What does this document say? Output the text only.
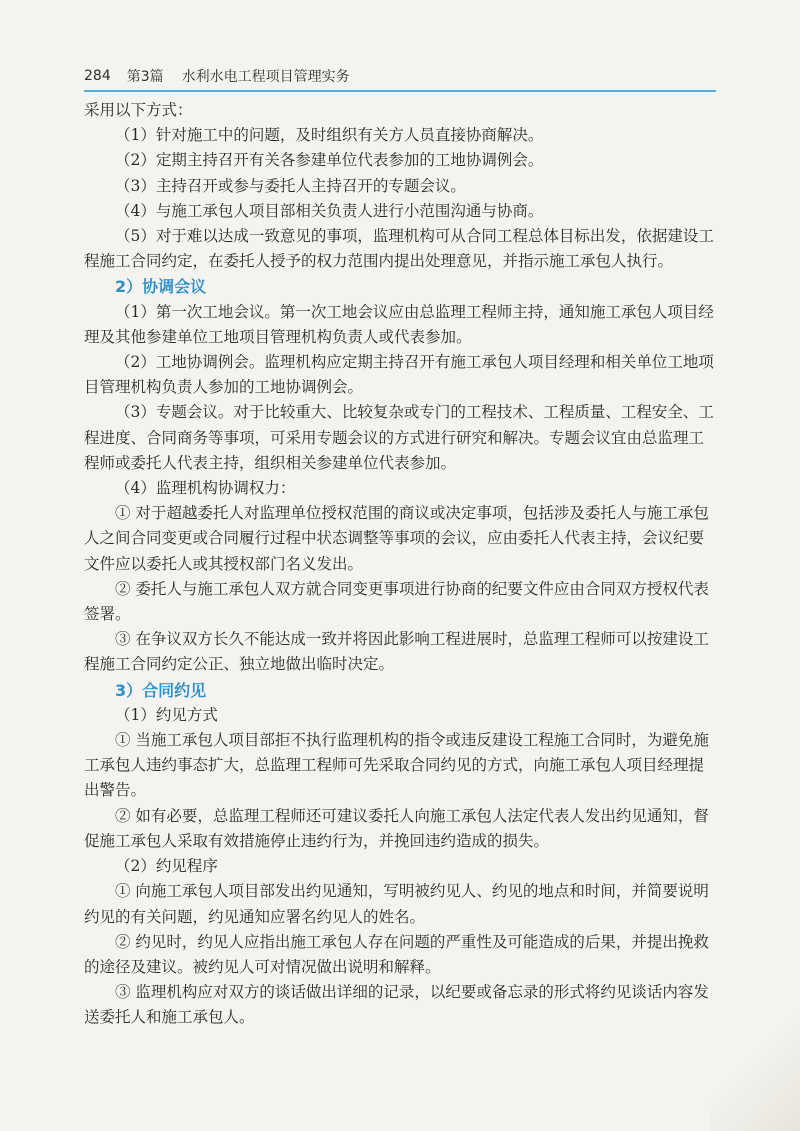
284 第3篇 水利水电工程项目管理实务

采用以下方式：

（1）针对施工中的问题，及时组织有关方人员直接协商解决。

（2）定期主持召开有关各参建单位代表参加的工地协调例会。

（3）主持召开或参与委托人主持召开的专题会议。

（4）与施工承包人项目部相关负责人进行小范围沟通与协商。

（5）对于难以达成一致意见的事项，监理机构可从合同工程总体目标出发，依据建设工程施工合同约定，在委托人授予的权力范围内提出处理意见，并指示施工承包人执行。

2）协调会议

（1）第一次工地会议。第一次工地会议应由总监理工程师主持，通知施工承包人项目经理及其他参建单位工地项目管理机构负责人或代表参加。

（2）工地协调例会。监理机构应定期主持召开有施工承包人项目经理和相关单位工地项目管理机构负责人参加的工地协调例会。

（3）专题会议。对于比较重大、比较复杂或专门的工程技术、工程质量、工程安全、工程进度、合同商务等事项，可采用专题会议的方式进行研究和解决。专题会议宜由总监理工程师或委托人代表主持，组织相关参建单位代表参加。

（4）监理机构协调权力：

① 对于超越委托人对监理单位授权范围的商议或决定事项，包括涉及委托人与施工承包人之间合同变更或合同履行过程中状态调整等事项的会议，应由委托人代表主持，会议纪要文件应以委托人或其授权部门名义发出。

② 委托人与施工承包人双方就合同变更事项进行协商的纪要文件应由合同双方授权代表签署。

③ 在争议双方长久不能达成一致并将因此影响工程进展时，总监理工程师可以按建设工程施工合同约定公正、独立地做出临时决定。

3）合同约见

（1）约见方式

① 当施工承包人项目部拒不执行监理机构的指令或违反建设工程施工合同时，为避免施工承包人违约事态扩大，总监理工程师可先采取合同约见的方式，向施工承包人项目经理提出警告。

② 如有必要，总监理工程师还可建议委托人向施工承包人法定代表人发出约见通知，督促施工承包人采取有效措施停止违约行为，并挽回违约造成的损失。

（2）约见程序

① 向施工承包人项目部发出约见通知，写明被约见人、约见的地点和时间，并简要说明约见的有关问题，约见通知应署名约见人的姓名。

② 约见时，约见人应指出施工承包人存在问题的严重性及可能造成的后果，并提出挽救的途径及建议。被约见人可对情况做出说明和解释。

③ 监理机构应对双方的谈话做出详细的记录，以纪要或备忘录的形式将约见谈话内容发送委托人和施工承包人。
